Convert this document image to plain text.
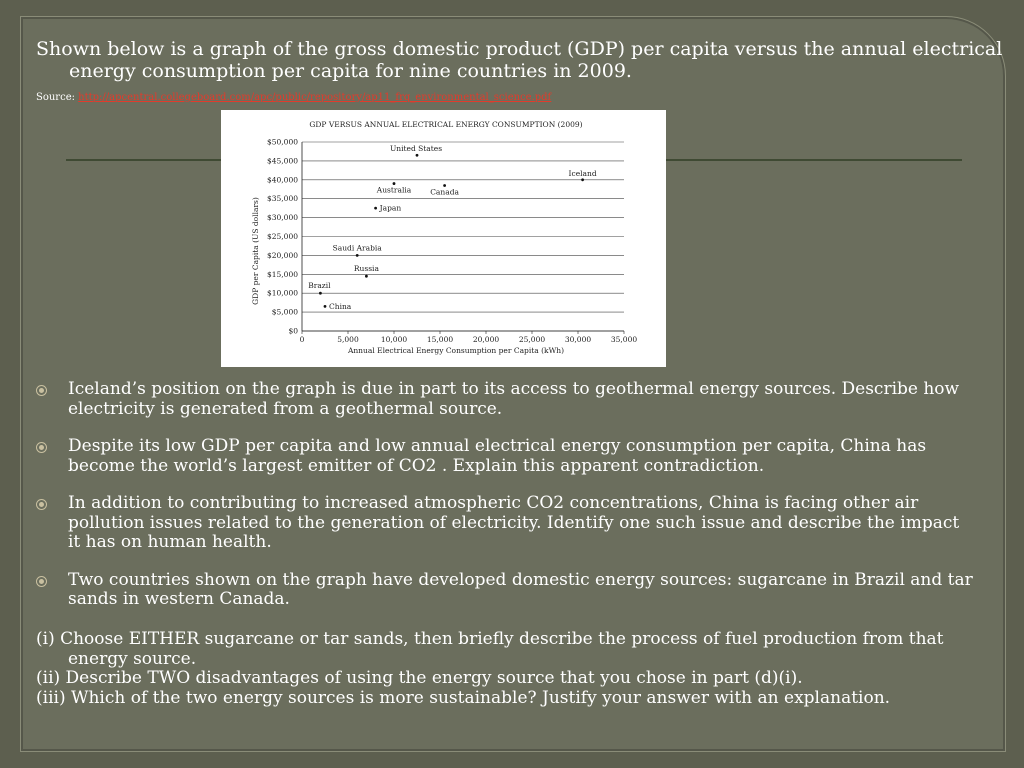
Shown below is a graph of the gross domestic product (GDP) per capita versus the annual electrical energy consumption per capita for nine countries in 2009.
Source: http://apcentral.collegeboard.com/apc/public/repository/ap11_frq_environmental_science.pdf
GDP VERSUS ANNUAL ELECTRICAL ENERGY CONSUMPTION (2009)
Annual Electrical Energy Consumption per Capita (kWh)
GDP per Capita (US dollars)
$0
$5,000
$10,000
$15,000
$20,000
$25,000
$30,000
$35,000
$40,000
$45,000
$50,000
0	5,000	10,000	15,000	20,000	25,000	30,000	35,000
United States
Iceland
Australia	Canada
Japan
Saudi Arabia
Russia
Brazil
China
Iceland’s position on the graph is due in part to its access to geothermal energy sources. Describe how electricity is generated from a geothermal source.
Despite its low GDP per capita and low annual electrical energy consumption per capita, China has become the world’s largest emitter of CO2 . Explain this apparent contradiction.
In addition to contributing to increased atmospheric CO2 concentrations, China is facing other air pollution issues related to the generation of electricity. Identify one such issue and describe the impact it has on human health.
Two countries shown on the graph have developed domestic energy sources: sugarcane in Brazil and tar sands in western Canada.

(i) Choose EITHER sugarcane or tar sands, then briefly describe the process of fuel production from that energy source.

(ii) Describe TWO disadvantages of using the energy source that you chose in part (d)(i).

(iii) Which of the two energy sources is more sustainable? Justify your answer with an explanation.
